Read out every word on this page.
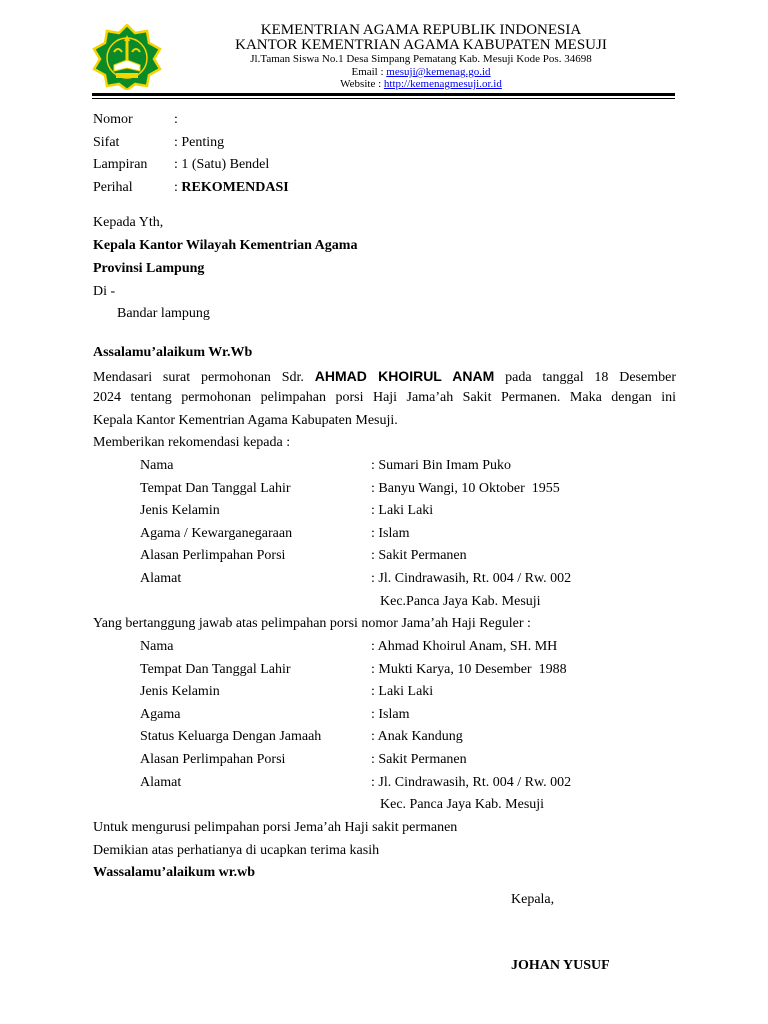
KEMENTRIAN AGAMA REPUBLIK INDONESIA
KANTOR KEMENTRIAN AGAMA KABUPATEN MESUJI
Jl.Taman Siswa No.1 Desa Simpang Pematang Kab. Mesuji Kode Pos. 34698
Email : mesuji@kemenag.go.id
Website : http://kemenagmesuji.or.id
Nomor	:
Sifat	: Penting
Lampiran : 1 (Satu) Bendel
Perihal	: REKOMENDASI
Kepada Yth,
Kepala Kantor Wilayah Kementrian Agama
Provinsi Lampung
Di -
Bandar lampung
Assalamu’alaikum Wr.Wb
Mendasari surat permohonan Sdr. AHMAD KHOIRUL ANAM pada tanggal 18 Desember
2024 tentang permohonan pelimpahan porsi Haji Jama’ah Sakit Permanen. Maka dengan ini
Kepala Kantor Kementrian Agama Kabupaten Mesuji.
Memberikan rekomendasi kepada :
Nama	: Sumari Bin Imam Puko
Tempat Dan Tanggal Lahir	: Banyu Wangi, 10 Oktober  1955
Jenis Kelamin	: Laki Laki
Agama / Kewarganegaraan	: Islam
Alasan Perlimpahan Porsi	: Sakit Permanen
Alamat	: Jl. Cindrawasih, Rt. 004 / Rw. 002
Kec.Panca Jaya Kab. Mesuji
Yang bertanggung jawab atas pelimpahan porsi nomor Jama’ah Haji Reguler :
Nama	: Ahmad Khoirul Anam, SH. MH
Tempat Dan Tanggal Lahir	: Mukti Karya, 10 Desember  1988
Jenis Kelamin	: Laki Laki
Agama	: Islam
Status Keluarga Dengan Jamaah	: Anak Kandung
Alasan Perlimpahan Porsi	: Sakit Permanen
Alamat	: Jl. Cindrawasih, Rt. 004 / Rw. 002
Kec. Panca Jaya Kab. Mesuji
Untuk mengurusi pelimpahan porsi Jema’ah Haji sakit permanen
Demikian atas perhatianya di ucapkan terima kasih
Wassalamu’alaikum wr.wb
Kepala,
JOHAN YUSUF
